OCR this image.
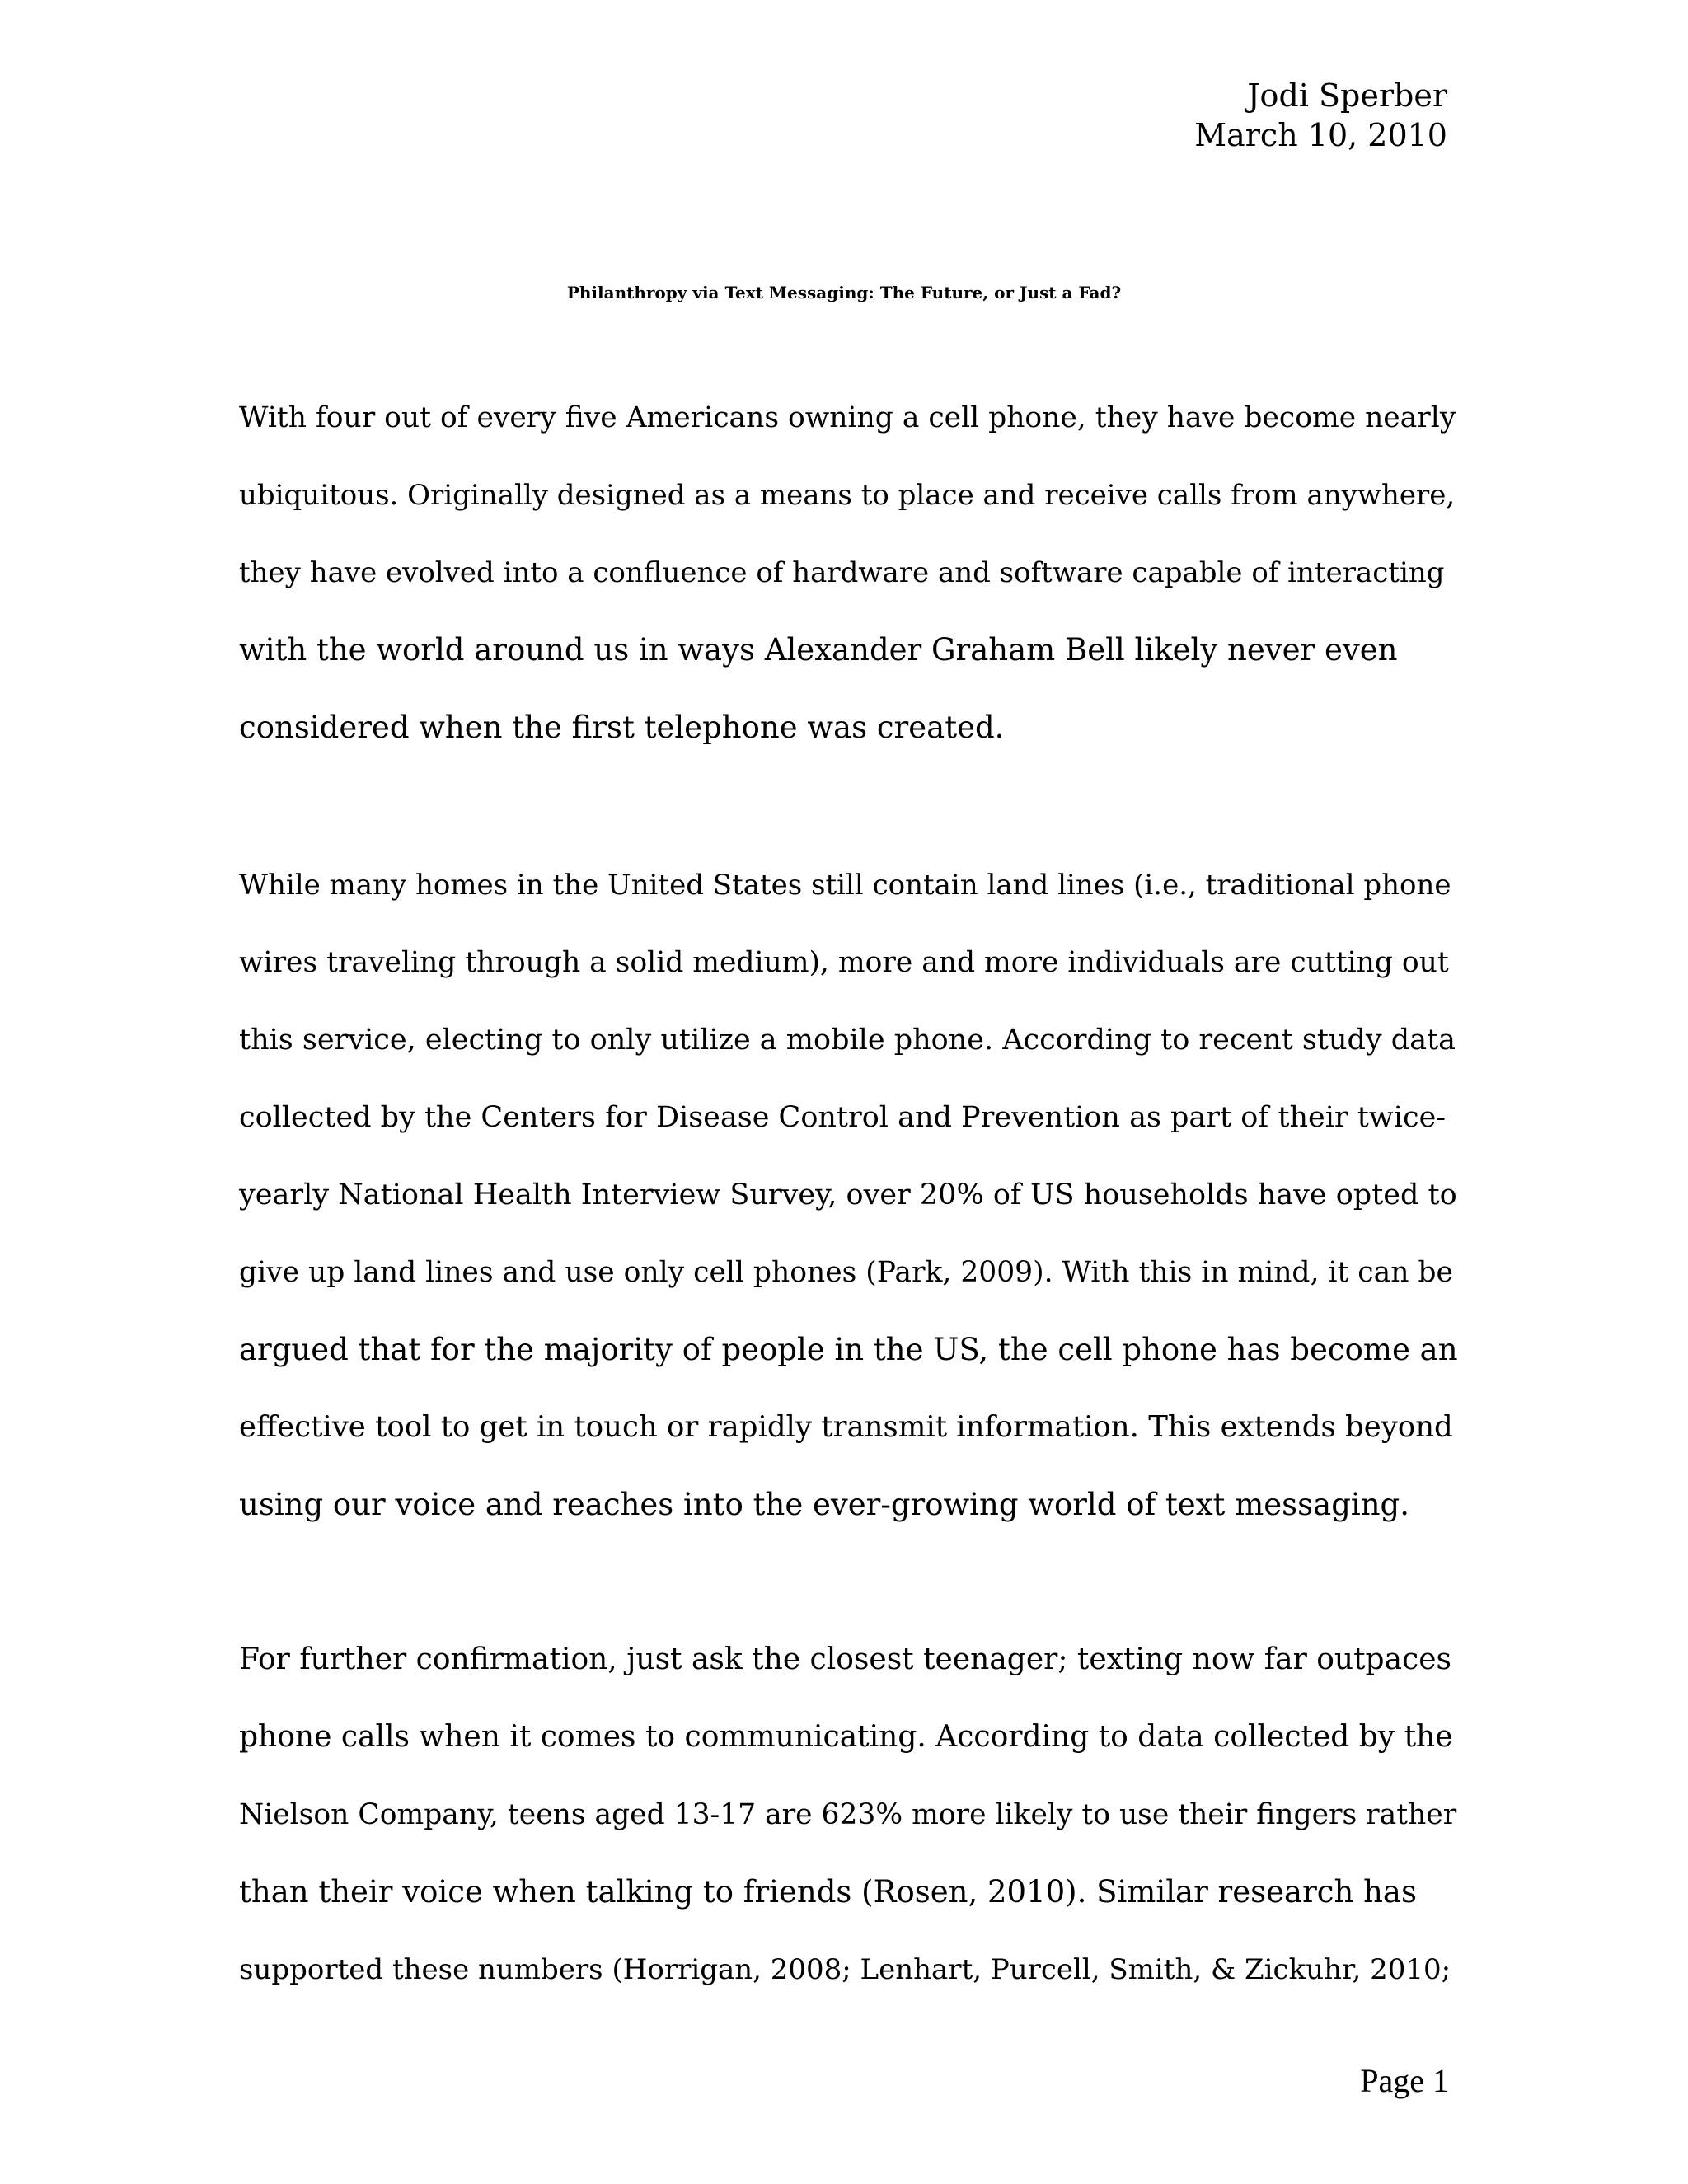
Jodi Sperber
March 10, 2010
Philanthropy via Text Messaging: The Future, or Just a Fad?
With four out of every five Americans owning a cell phone, they have become nearly
ubiquitous. Originally designed as a means to place and receive calls from anywhere,
they have evolved into a confluence of hardware and software capable of interacting
with the world around us in ways Alexander Graham Bell likely never even
considered when the first telephone was created.
While many homes in the United States still contain land lines (i.e., traditional phone
wires traveling through a solid medium), more and more individuals are cutting out
this service, electing to only utilize a mobile phone. According to recent study data
collected by the Centers for Disease Control and Prevention as part of their twice-
yearly National Health Interview Survey, over 20% of US households have opted to
give up land lines and use only cell phones (Park, 2009). With this in mind, it can be
argued that for the majority of people in the US, the cell phone has become an
effective tool to get in touch or rapidly transmit information. This extends beyond
using our voice and reaches into the ever-growing world of text messaging.
For further confirmation, just ask the closest teenager; texting now far outpaces
phone calls when it comes to communicating. According to data collected by the
Nielson Company, teens aged 13-17 are 623% more likely to use their fingers rather
than their voice when talking to friends (Rosen, 2010). Similar research has
supported these numbers (Horrigan, 2008; Lenhart, Purcell, Smith, & Zickuhr, 2010;
Page 1
